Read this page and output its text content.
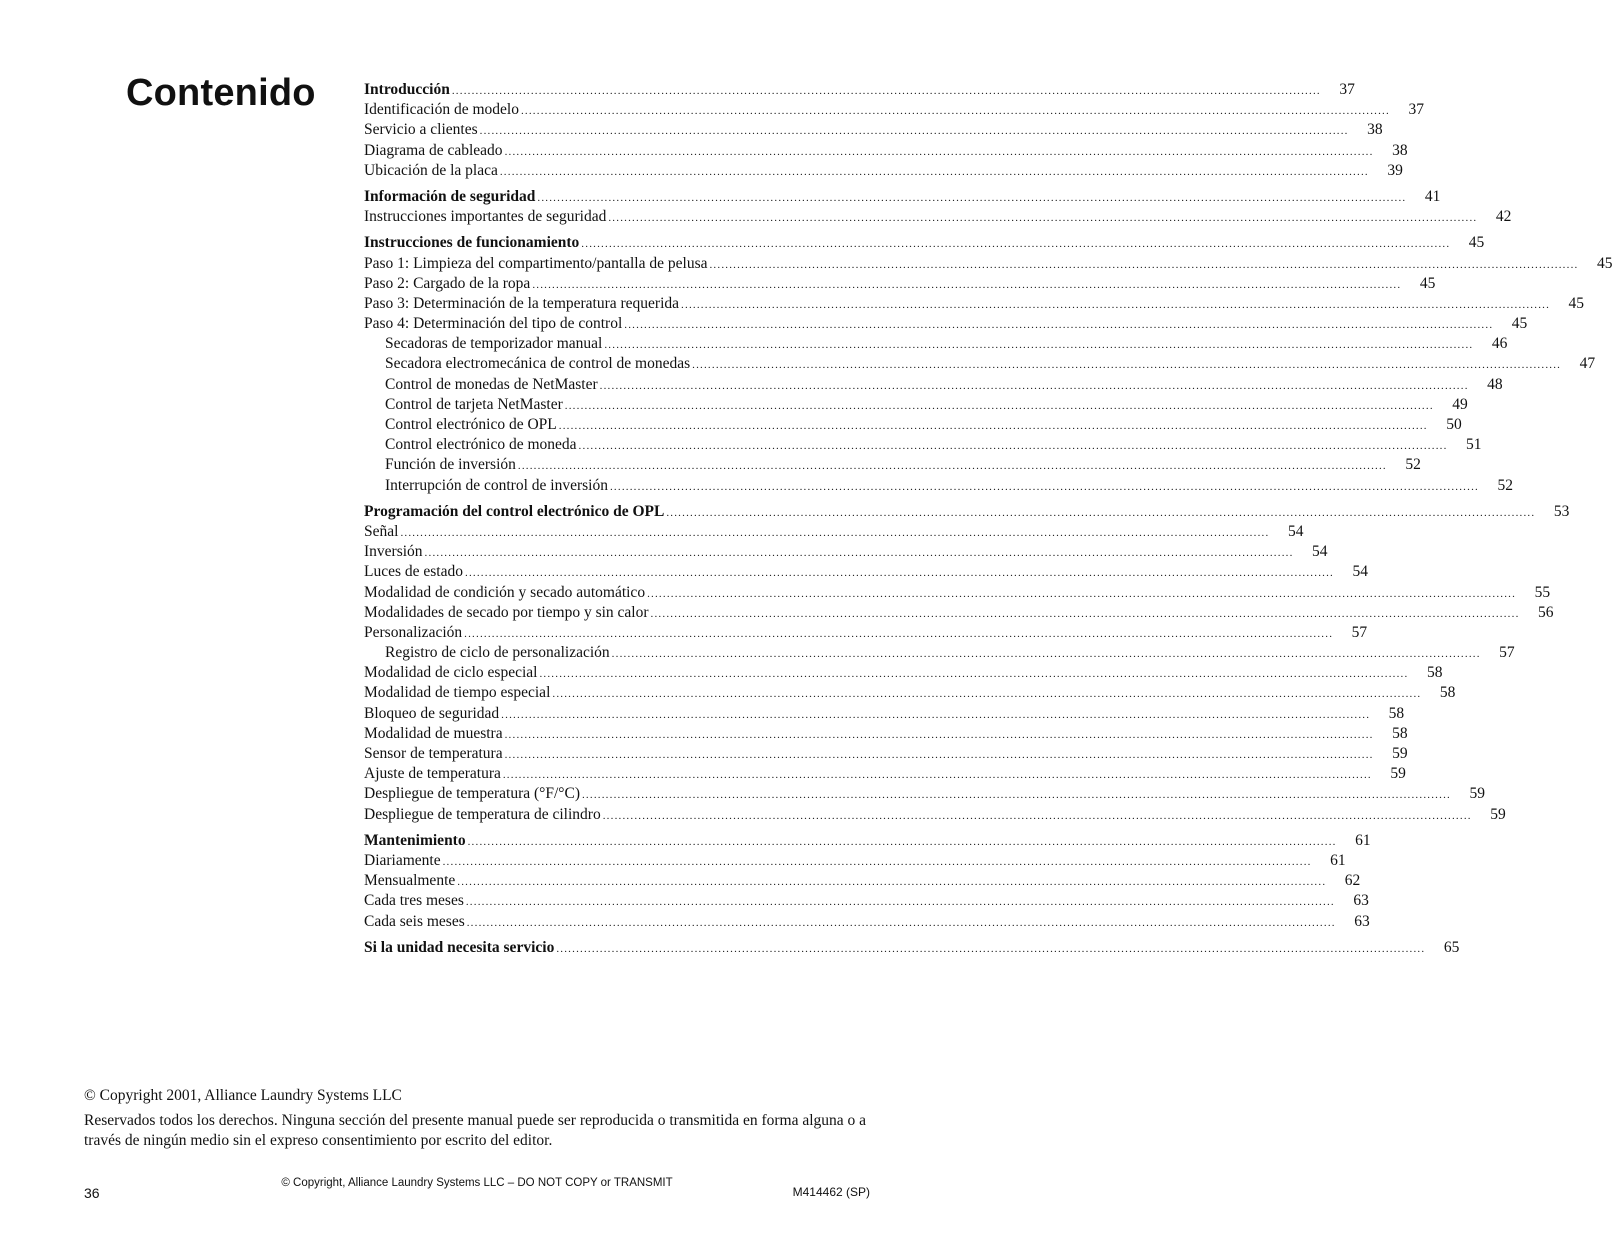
Contenido	Introducción ............................................................................................................................................................................................................................	37
Identificación de modelo ............................................................................................................................................................................................................................	37
Servicio a clientes ............................................................................................................................................................................................................................	38
Diagrama de cableado ............................................................................................................................................................................................................................	38
Ubicación de la placa ............................................................................................................................................................................................................................	39
Información de seguridad ............................................................................................................................................................................................................................	41
Instrucciones importantes de seguridad ............................................................................................................................................................................................................................	42
Instrucciones de funcionamiento ............................................................................................................................................................................................................................	45
Paso 1: Limpieza del compartimento/pantalla de pelusa ............................................................................................................................................................................................................................	45
Paso 2: Cargado de la ropa ............................................................................................................................................................................................................................	45
Paso 3: Determinación de la temperatura requerida ............................................................................................................................................................................................................................	45
Paso 4: Determinación del tipo de control ............................................................................................................................................................................................................................	45
Secadoras de temporizador manual ............................................................................................................................................................................................................................	46
Secadora electromecánica de control de monedas ............................................................................................................................................................................................................................	47
Control de monedas de NetMaster ............................................................................................................................................................................................................................	48
Control de tarjeta NetMaster ............................................................................................................................................................................................................................	49
Control electrónico de OPL ............................................................................................................................................................................................................................	50
Control electrónico de moneda ............................................................................................................................................................................................................................	51
Función de inversión ............................................................................................................................................................................................................................	52
Interrupción de control de inversión ............................................................................................................................................................................................................................	52
Programación del control electrónico de OPL ............................................................................................................................................................................................................................	53
Señal ............................................................................................................................................................................................................................	54
Inversión ............................................................................................................................................................................................................................	54
Luces de estado ............................................................................................................................................................................................................................	54
Modalidad de condición y secado automático ............................................................................................................................................................................................................................	55
Modalidades de secado por tiempo y sin calor ............................................................................................................................................................................................................................	56
Personalización ............................................................................................................................................................................................................................	57
Registro de ciclo de personalización ............................................................................................................................................................................................................................	57
Modalidad de ciclo especial ............................................................................................................................................................................................................................	58
Modalidad de tiempo especial ............................................................................................................................................................................................................................	58
Bloqueo de seguridad ............................................................................................................................................................................................................................	58
Modalidad de muestra ............................................................................................................................................................................................................................	58
Sensor de temperatura ............................................................................................................................................................................................................................	59
Ajuste de temperatura ............................................................................................................................................................................................................................	59
Despliegue de temperatura (°F/°C) ............................................................................................................................................................................................................................	59
Despliegue de temperatura de cilindro ............................................................................................................................................................................................................................	59
Mantenimiento ............................................................................................................................................................................................................................	61
Diariamente ............................................................................................................................................................................................................................	61
Mensualmente ............................................................................................................................................................................................................................	62
Cada tres meses ............................................................................................................................................................................................................................	63
Cada seis meses ............................................................................................................................................................................................................................	63
Si la unidad necesita servicio ............................................................................................................................................................................................................................	65

© Copyright 2001, Alliance Laundry Systems LLC

Reservados todos los derechos. Ninguna sección del presente manual puede ser reproducida o transmitida en forma alguna o a través de ningún medio sin el expreso consentimiento por escrito del editor.

36
© Copyright, Alliance Laundry Systems LLC – DO NOT COPY or TRANSMIT
M414462 (SP)
